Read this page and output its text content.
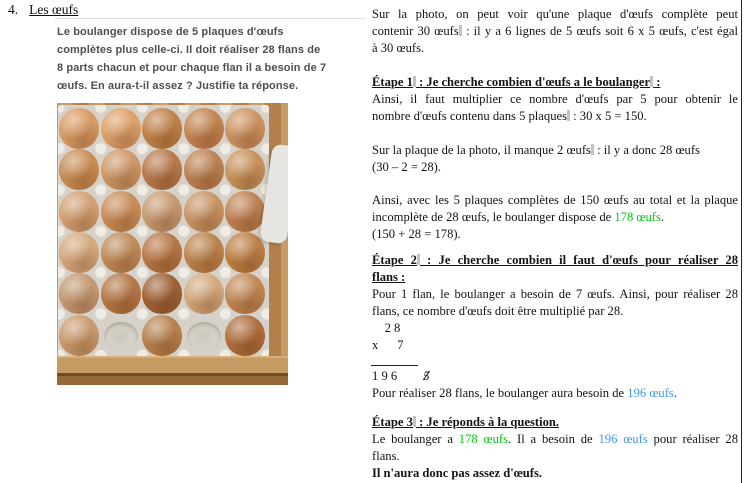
4. Les œufs
Le boulanger dispose de 5 plaques d'œufs
complètes plus celle-ci. Il doit réaliser 28 flans de
8 parts chacun et pour chaque flan il a besoin de 7
œufs. En aura-t-il assez ? Justifie ta réponse.
Sur la photo, on peut voir qu'une plaque d'œufs complète peut
contenir 30 œufs : il y a 6 lignes de 5 œufs soit 6 x 5 œufs, c'est égal
à 30 œufs.
Étape 1 : Je cherche combien d'œufs a le boulanger :
Ainsi, il faut multiplier ce nombre d'œufs par 5 pour obtenir le
nombre d'œufs contenu dans 5 plaques : 30 x 5 = 150.
Sur la plaque de la photo, il manque 2 œufs : il y a donc 28 œufs
(30 – 2 = 28).
Ainsi, avec les 5 plaques complètes de 150 œufs au total et la plaque
incomplète de 28 œufs, le boulanger dispose de 178 œufs.
(150 + 28 = 178).
Étape 2 : Je cherche combien il faut d'œufs pour réaliser 28
flans :
Pour 1 flan, le boulanger a besoin de 7 œufs. Ainsi, pour réaliser 28
flans, ce nombre d'œufs doit être multiplié par 28.
2 8
x      7
1 9 6 5
Pour réaliser 28 flans, le boulanger aura besoin de 196 œufs.
Étape 3 : Je réponds à la question.
Le boulanger a 178 œufs. Il a besoin de 196 œufs pour réaliser 28
flans.
Il n'aura donc pas assez d'œufs.
